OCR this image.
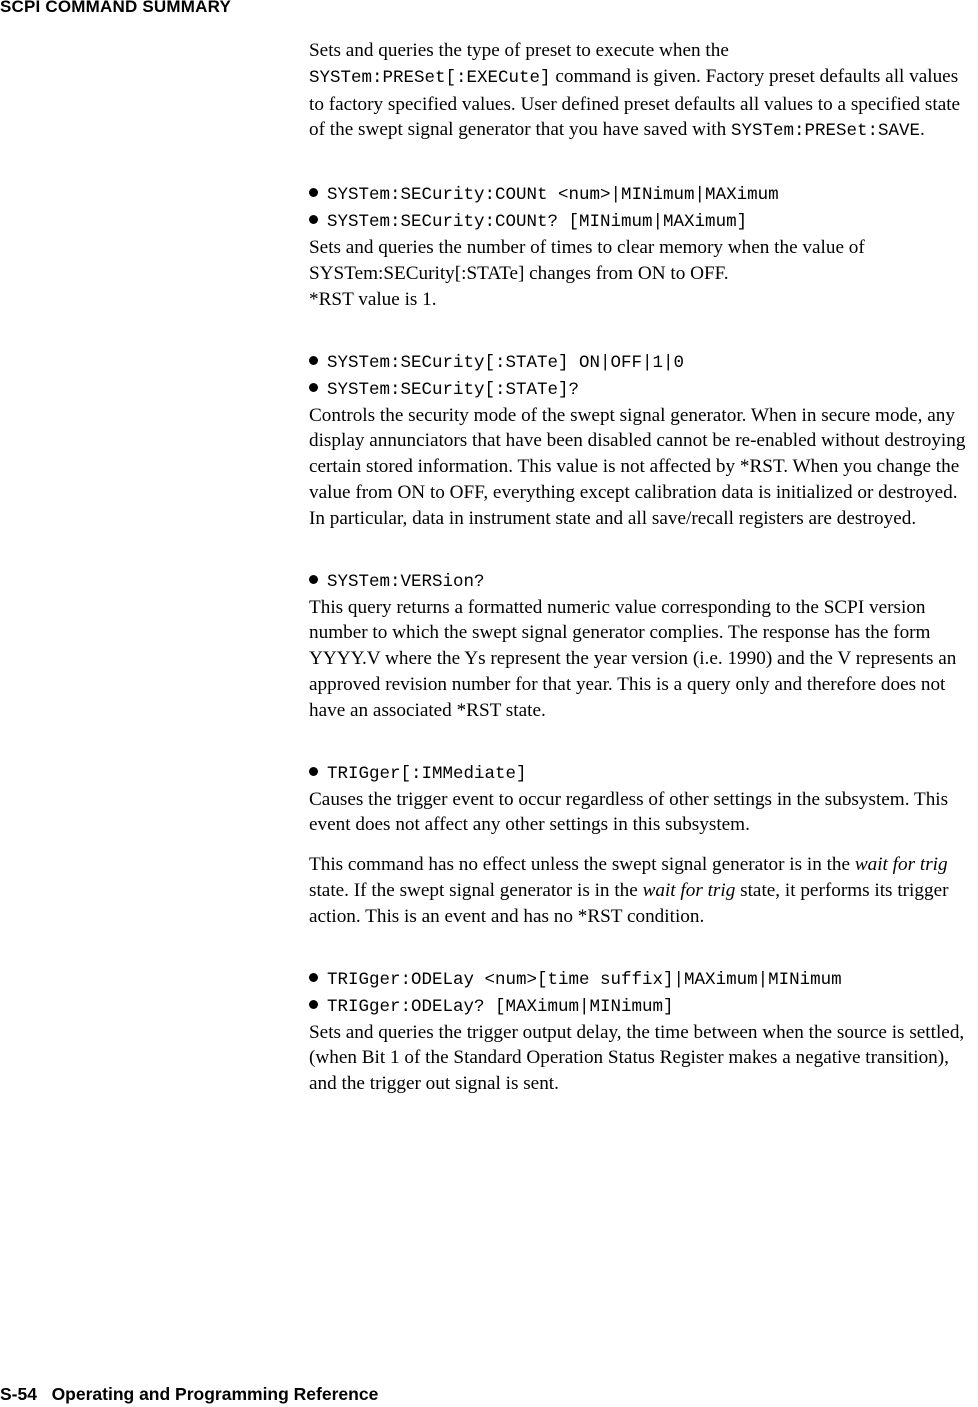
SCPI COMMAND SUMMARY

Sets and queries the type of preset to execute when the
SYSTem:PRESet[:EXECute] command is given. Factory preset defaults all values to factory specified values. User defined preset defaults all values to a specified state of the swept signal generator that you have saved with SYSTem:PRESet:SAVE.

SYSTem:SECurity:COUNt <num>|MINimum|MAXimum
SYSTem:SECurity:COUNt? [MINimum|MAXimum]

Sets and queries the number of times to clear memory when the value of SYSTem:SECurity[:STATe] changes from ON to OFF.

*RST value is 1.

SYSTem:SECurity[:STATe] ON|OFF|1|0
SYSTem:SECurity[:STATe]?

Controls the security mode of the swept signal generator. When in secure mode, any display annunciators that have been disabled cannot be re-enabled without destroying certain stored information. This value is not affected by *RST. When you change the value from ON to OFF, everything except calibration data is initialized or destroyed. In particular, data in instrument state and all save/recall registers are destroyed.

SYSTem:VERSion?

This query returns a formatted numeric value corresponding to the SCPI version number to which the swept signal generator complies. The response has the form YYYY.V where the Ys represent the year version (i.e. 1990) and the V represents an approved revision number for that year. This is a query only and therefore does not have an associated *RST state.

TRIGger[:IMMediate]

Causes the trigger event to occur regardless of other settings in the subsystem. This event does not affect any other settings in this subsystem.

This command has no effect unless the swept signal generator is in the wait for trig state. If the swept signal generator is in the wait for trig state, it performs its trigger action. This is an event and has no *RST condition.

TRIGger:ODELay <num>[time suffix]|MAXimum|MINimum
TRIGger:ODELay? [MAXimum|MINimum]

Sets and queries the trigger output delay, the time between when the source is settled, (when Bit 1 of the Standard Operation Status Register makes a negative transition), and the trigger out signal is sent.

S-54 Operating and Programming Reference
